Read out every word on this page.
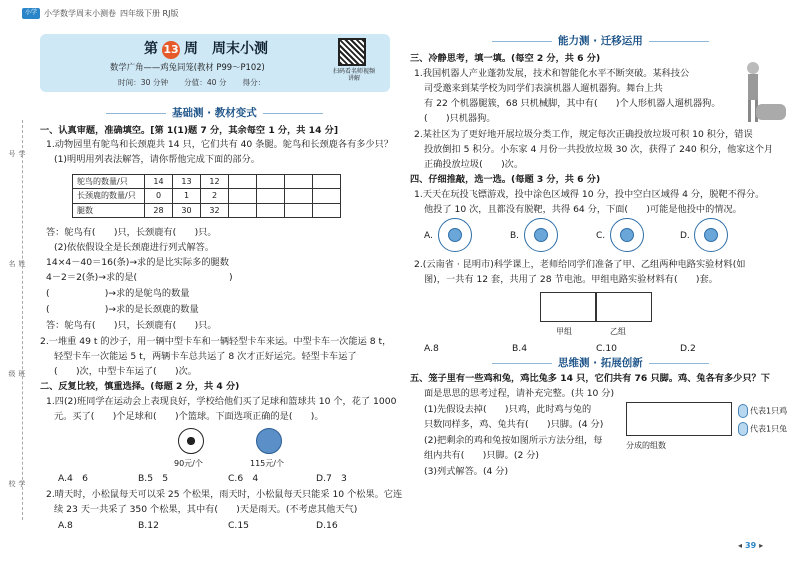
小学 小学数学周末小测卷 四年级下册 RJ版
第 13 周　周末小测
数学广角——鸡兔同笼(教材 P99～P102)
时间：30 分钟 分值：40 分 得分：
扫码看名师视频讲解
学号
姓名
班级
学校
基础测 · 教材变式
一、认真审题，准确填空。[第 1(1)题 7 分，其余每空 1 分，共 14 分]
1.动物园里有鸵鸟和长颈鹿共 14 只，它们共有 40 条腿。鸵鸟和长颈鹿各有多少只？
(1)明明用列表法解答，请你帮他完成下面的部分。
鸵鸟的数量/只	14	13	12				
长颈鹿的数量/只	0	1	2				
腿数	28	30	32				
答：鸵鸟有(　　)只，长颈鹿有(　　)只。
(2)依依假设全是长颈鹿进行列式解答。
14×4－40＝16(条)→求的是比实际多的腿数
4－2＝2(条)→求的是(　　　　　　　　　　)
(　　　　　　)→求的是鸵鸟的数量
(　　　　　　)→求的是长颈鹿的数量
答：鸵鸟有(　　)只，长颈鹿有(　　)只。
2.一堆重 49 t 的沙子，用一辆中型卡车和一辆轻型卡车来运。中型卡车一次能运 8 t，
轻型卡车一次能运 5 t，两辆卡车总共运了 8 次才正好运完。轻型卡车运了
(　　)次，中型卡车运了(　　)次。
二、反复比较，慎重选择。(每题 2 分，共 4 分)
1.四(2)班同学在运动会上表现良好，学校给他们买了足球和篮球共 10 个，花了 1000
元。买了(　　)个足球和(　　)个篮球。下面选项正确的是(　　)。
90元/个	115元/个
A.4　6	B.5　5	C.6　4	D.7　3
2.晴天时，小松鼠每天可以采 25 个松果，雨天时，小松鼠每天只能采 10 个松果。它连
续 23 天一共采了 350 个松果，其中有(　　)天是雨天。(不考虑其他天气)
A.8	B.12	C.15	D.16
能力测 · 迁移运用
三、冷静思考，填一填。(每空 2 分，共 6 分)
1.我国机器人产业蓬勃发展，技术和智能化水平不断突破。某科技公
司受邀来到某学校为同学们表演机器人遛机器狗。舞台上共
有 22 个机器腿簇，68 只机械脚，其中有(　　)个人形机器人遛机器狗。
(　　)只机器狗。
2.某社区为了更好地开展垃圾分类工作，规定每次正确投放垃圾可积 10 积分，错误
投放倒扣 5 积分。小东家 4 月份一共投放垃圾 30 次，获得了 240 积分，他家这个月
正确投放垃圾(　　)次。
四、仔细推敲，选一选。(每题 3 分，共 6 分)
1.天天在玩投飞镖游戏，投中涂色区域得 10 分，投中空白区域得 4 分，脱靶不得分。
他投了 10 次，且都没有脱靶，共得 64 分，下面(　　)可能是他投中的情况。
A.	B.	C.	D.
2.(云南省 · 昆明市)科学课上，老师给同学们准备了甲、乙组两种电路实验材料(如
图)，一共有 12 套，共用了 28 节电池。甲组电路实验材料有(　　)套。
甲组	乙组
A.8	B.4	C.10	D.2
思维测 · 拓展创新
五、笼子里有一些鸡和兔，鸡比兔多 14 只，它们共有 76 只脚。鸡、兔各有多少只？下
面是思思的思考过程，请补充完整。(共 10 分)
(1)先假设去掉(　　)只鸡，此时鸡与兔的
只数同样多，鸡、兔共有(　　)只脚。(4 分)
(2)把剩余的鸡和兔按如图所示方法分组，每
组内共有(　　)只脚。(2 分)
(3)列式解答。(4 分)
分成的组数
代表1只鸡
代表1只兔
◂ 39 ▸
